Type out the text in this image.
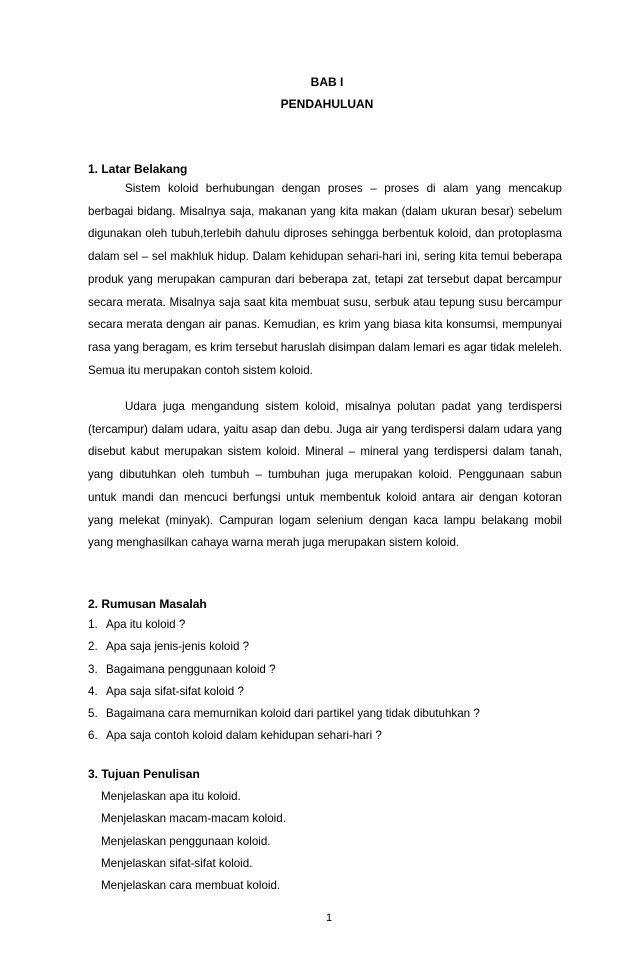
BAB I
PENDAHULUAN
1. Latar Belakang

Sistem koloid berhubungan dengan proses – proses di alam yang mencakup berbagai bidang. Misalnya saja, makanan yang kita makan (dalam ukuran besar) sebelum digunakan oleh tubuh,terlebih dahulu diproses sehingga berbentuk koloid, dan protoplasma dalam sel – sel makhluk hidup. Dalam kehidupan sehari-hari ini, sering kita temui beberapa produk yang merupakan campuran dari beberapa zat, tetapi zat tersebut dapat bercampur secara merata. Misalnya saja saat kita membuat susu, serbuk atau tepung susu bercampur secara merata dengan air panas. Kemudian, es krim yang biasa kita konsumsi, mempunyai rasa yang beragam, es krim tersebut haruslah disimpan dalam lemari es agar tidak meleleh. Semua itu merupakan contoh sistem koloid.

Udara juga mengandung sistem koloid, misalnya polutan padat yang terdispersi (tercampur) dalam udara, yaitu asap dan debu. Juga air yang terdispersi dalam udara yang disebut kabut merupakan sistem koloid. Mineral – mineral yang terdispersi dalam tanah, yang dibutuhkan oleh tumbuh – tumbuhan juga merupakan koloid. Penggunaan sabun untuk mandi dan mencuci berfungsi untuk membentuk koloid antara air dengan kotoran yang melekat (minyak). Campuran logam selenium dengan kaca lampu belakang mobil yang menghasilkan cahaya warna merah juga merupakan sistem koloid.

2. Rumusan Masalah
1. Apa itu koloid ?
2. Apa saja jenis-jenis koloid ?
3. Bagaimana penggunaan koloid ?
4. Apa saja sifat-sifat koloid ?
5. Bagaimana cara memurnikan koloid dari partikel yang tidak dibutuhkan ?
6. Apa saja contoh koloid dalam kehidupan sehari-hari ?
3. Tujuan Penulisan
Menjelaskan apa itu koloid.
Menjelaskan macam-macam koloid.
Menjelaskan penggunaan koloid.
Menjelaskan sifat-sifat koloid.
Menjelaskan cara membuat koloid.
1
